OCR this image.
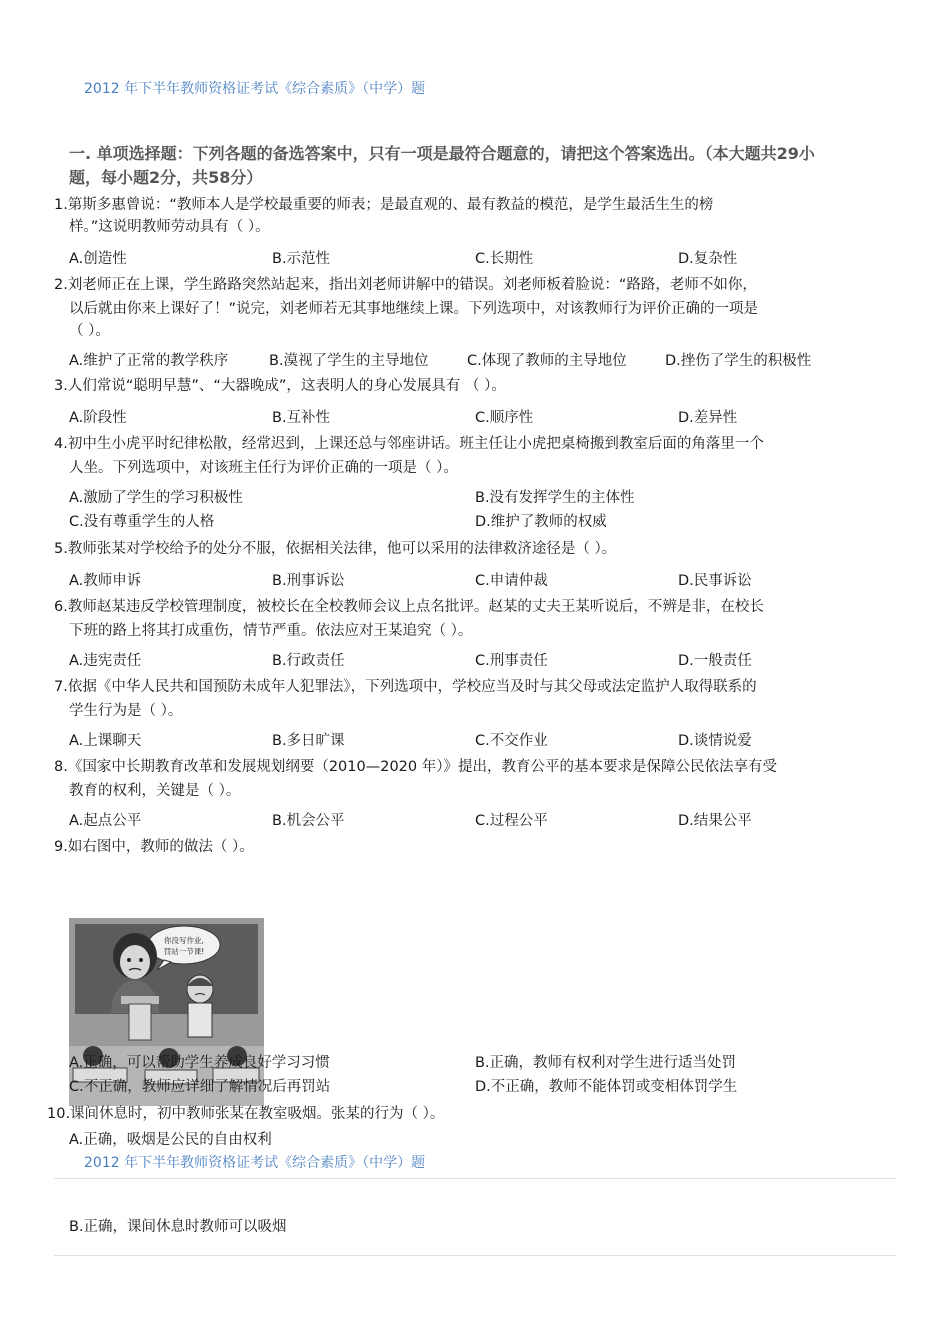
2012 年下半年教师资格证考试《综合素质》（中学）题
一. 单项选择题：下列各题的备选答案中，只有一项是最符合题意的，请把这个答案选出。（本大题共29小
题，每小题2分，共58分）
1.第斯多惠曾说：“教师本人是学校最重要的师表；是最直观的、最有教益的模范，是学生最活生生的榜
样。”这说明教师劳动具有（ ）。
A.创造性	B.示范性	C.长期性	D.复杂性
2.刘老师正在上课，学生路路突然站起来，指出刘老师讲解中的错误。刘老师板着脸说：“路路，老师不如你，
以后就由你来上课好了！”说完，刘老师若无其事地继续上课。下列选项中，对该教师行为评价正确的一项是
（ ）。
A.维护了正常的教学秩序	B.漠视了学生的主导地位	C.体现了教师的主导地位	D.挫伤了学生的积极性
3.人们常说“聪明早慧”、“大器晚成”，这表明人的身心发展具有 （ ）。
A.阶段性	B.互补性	C.顺序性	D.差异性
4.初中生小虎平时纪律松散，经常迟到，上课还总与邻座讲话。班主任让小虎把桌椅搬到教室后面的角落里一个
人坐。下列选项中，对该班主任行为评价正确的一项是（ ）。
A.激励了学生的学习积极性	B.没有发挥学生的主体性
C.没有尊重学生的人格	D.维护了教师的权威
5.教师张某对学校给予的处分不服，依据相关法律，他可以采用的法律救济途径是（ ）。
A.教师申诉	B.刑事诉讼	C.申请仲裁	D.民事诉讼
6.教师赵某违反学校管理制度，被校长在全校教师会议上点名批评。赵某的丈夫王某听说后，不辨是非，在校长
下班的路上将其打成重伤，情节严重。依法应对王某追究（ ）。
A.违宪责任	B.行政责任	C.刑事责任	D.一般责任
7.依据《中华人民共和国预防未成年人犯罪法》，下列选项中，学校应当及时与其父母或法定监护人取得联系的
学生行为是（ ）。
A.上课聊天	B.多日旷课	C.不交作业	D.谈情说爱
8.《国家中长期教育改革和发展规划纲要（2010—2020 年）》提出，教育公平的基本要求是保障公民依法享有受
教育的权利，关键是（ ）。
A.起点公平	B.机会公平	C.过程公平	D.结果公平
9.如右图中，教师的做法（ ）。
你没写作业,
罚站一节课!
A.正确，可以帮助学生养成良好学习习惯	B.正确，教师有权利对学生进行适当处罚
C.不正确，教师应详细了解情况后再罚站	D.不正确，教师不能体罚或变相体罚学生
10.课间休息时，初中教师张某在教室吸烟。张某的行为（ ）。
A.正确，吸烟是公民的自由权利
2012 年下半年教师资格证考试《综合素质》（中学）题
B.正确，课间休息时教师可以吸烟
